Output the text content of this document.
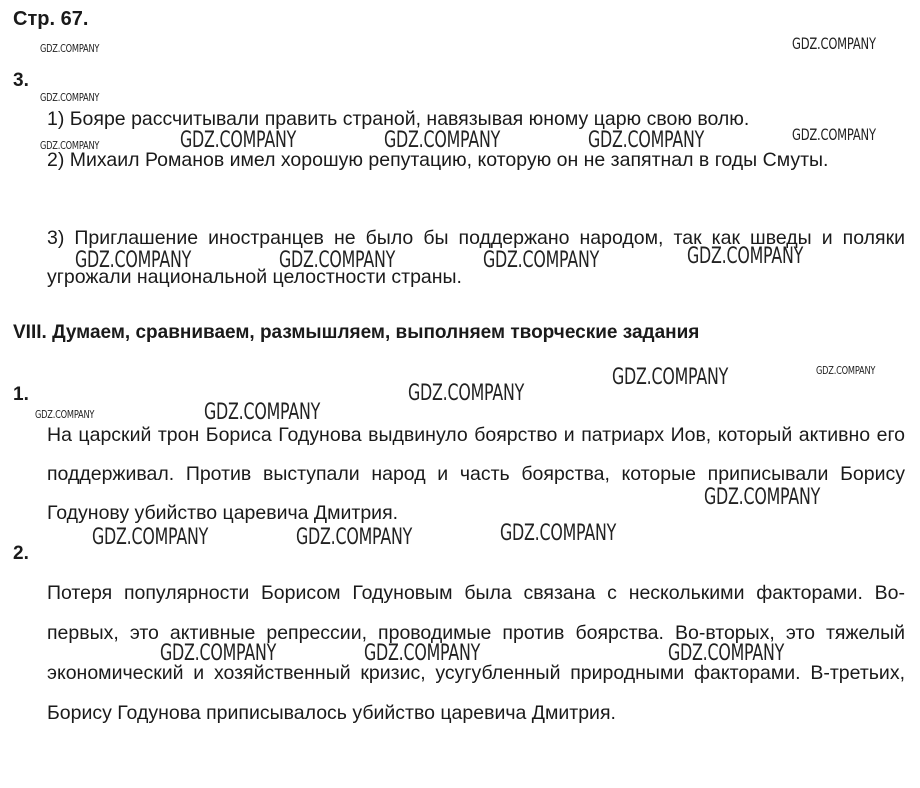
Стр. 67.
3.
1) Бояре рассчитывали править страной, навязывая юному царю свою волю.
2) Михаил Романов имел хорошую репутацию, которую он не запятнал в годы Смуты.
3) Приглашение иностранцев не было бы поддержано народом, так как шведы и поляки угрожали национальной целостности страны.
VIII. Думаем, сравниваем, размышляем, выполняем творческие задания
1.
На царский трон Бориса Годунова выдвинуло боярство и патриарх Иов, который активно его поддерживал. Против выступали народ и часть боярства, которые приписывали Борису Годунову убийство царевича Дмитрия.
2.
Потеря популярности Борисом Годуновым была связана с несколькими факторами. Во-первых, это активные репрессии, проводимые против боярства. Во-вторых, это тяжелый экономический и хозяйственный кризис, усугубленный природными факторами. В-третьих, Борису Годунова приписывалось убийство царевича Дмитрия.
GDZ.COMPANY	GDZ.COMPANY
GDZ.COMPANY
GDZ.COMPANY
GDZ.COMPANY
GDZ.COMPANY	GDZ.COMPANY	GDZ.COMPANY
GDZ.COMPANY	GDZ.COMPANY	GDZ.COMPANY	GDZ.COMPANY
GDZ.COMPANY	GDZ.COMPANY
GDZ.COMPANY
GDZ.COMPANY	GDZ.COMPANY
GDZ.COMPANY
GDZ.COMPANY	GDZ.COMPANY	GDZ.COMPANY
GDZ.COMPANY	GDZ.COMPANY	GDZ.COMPANY
